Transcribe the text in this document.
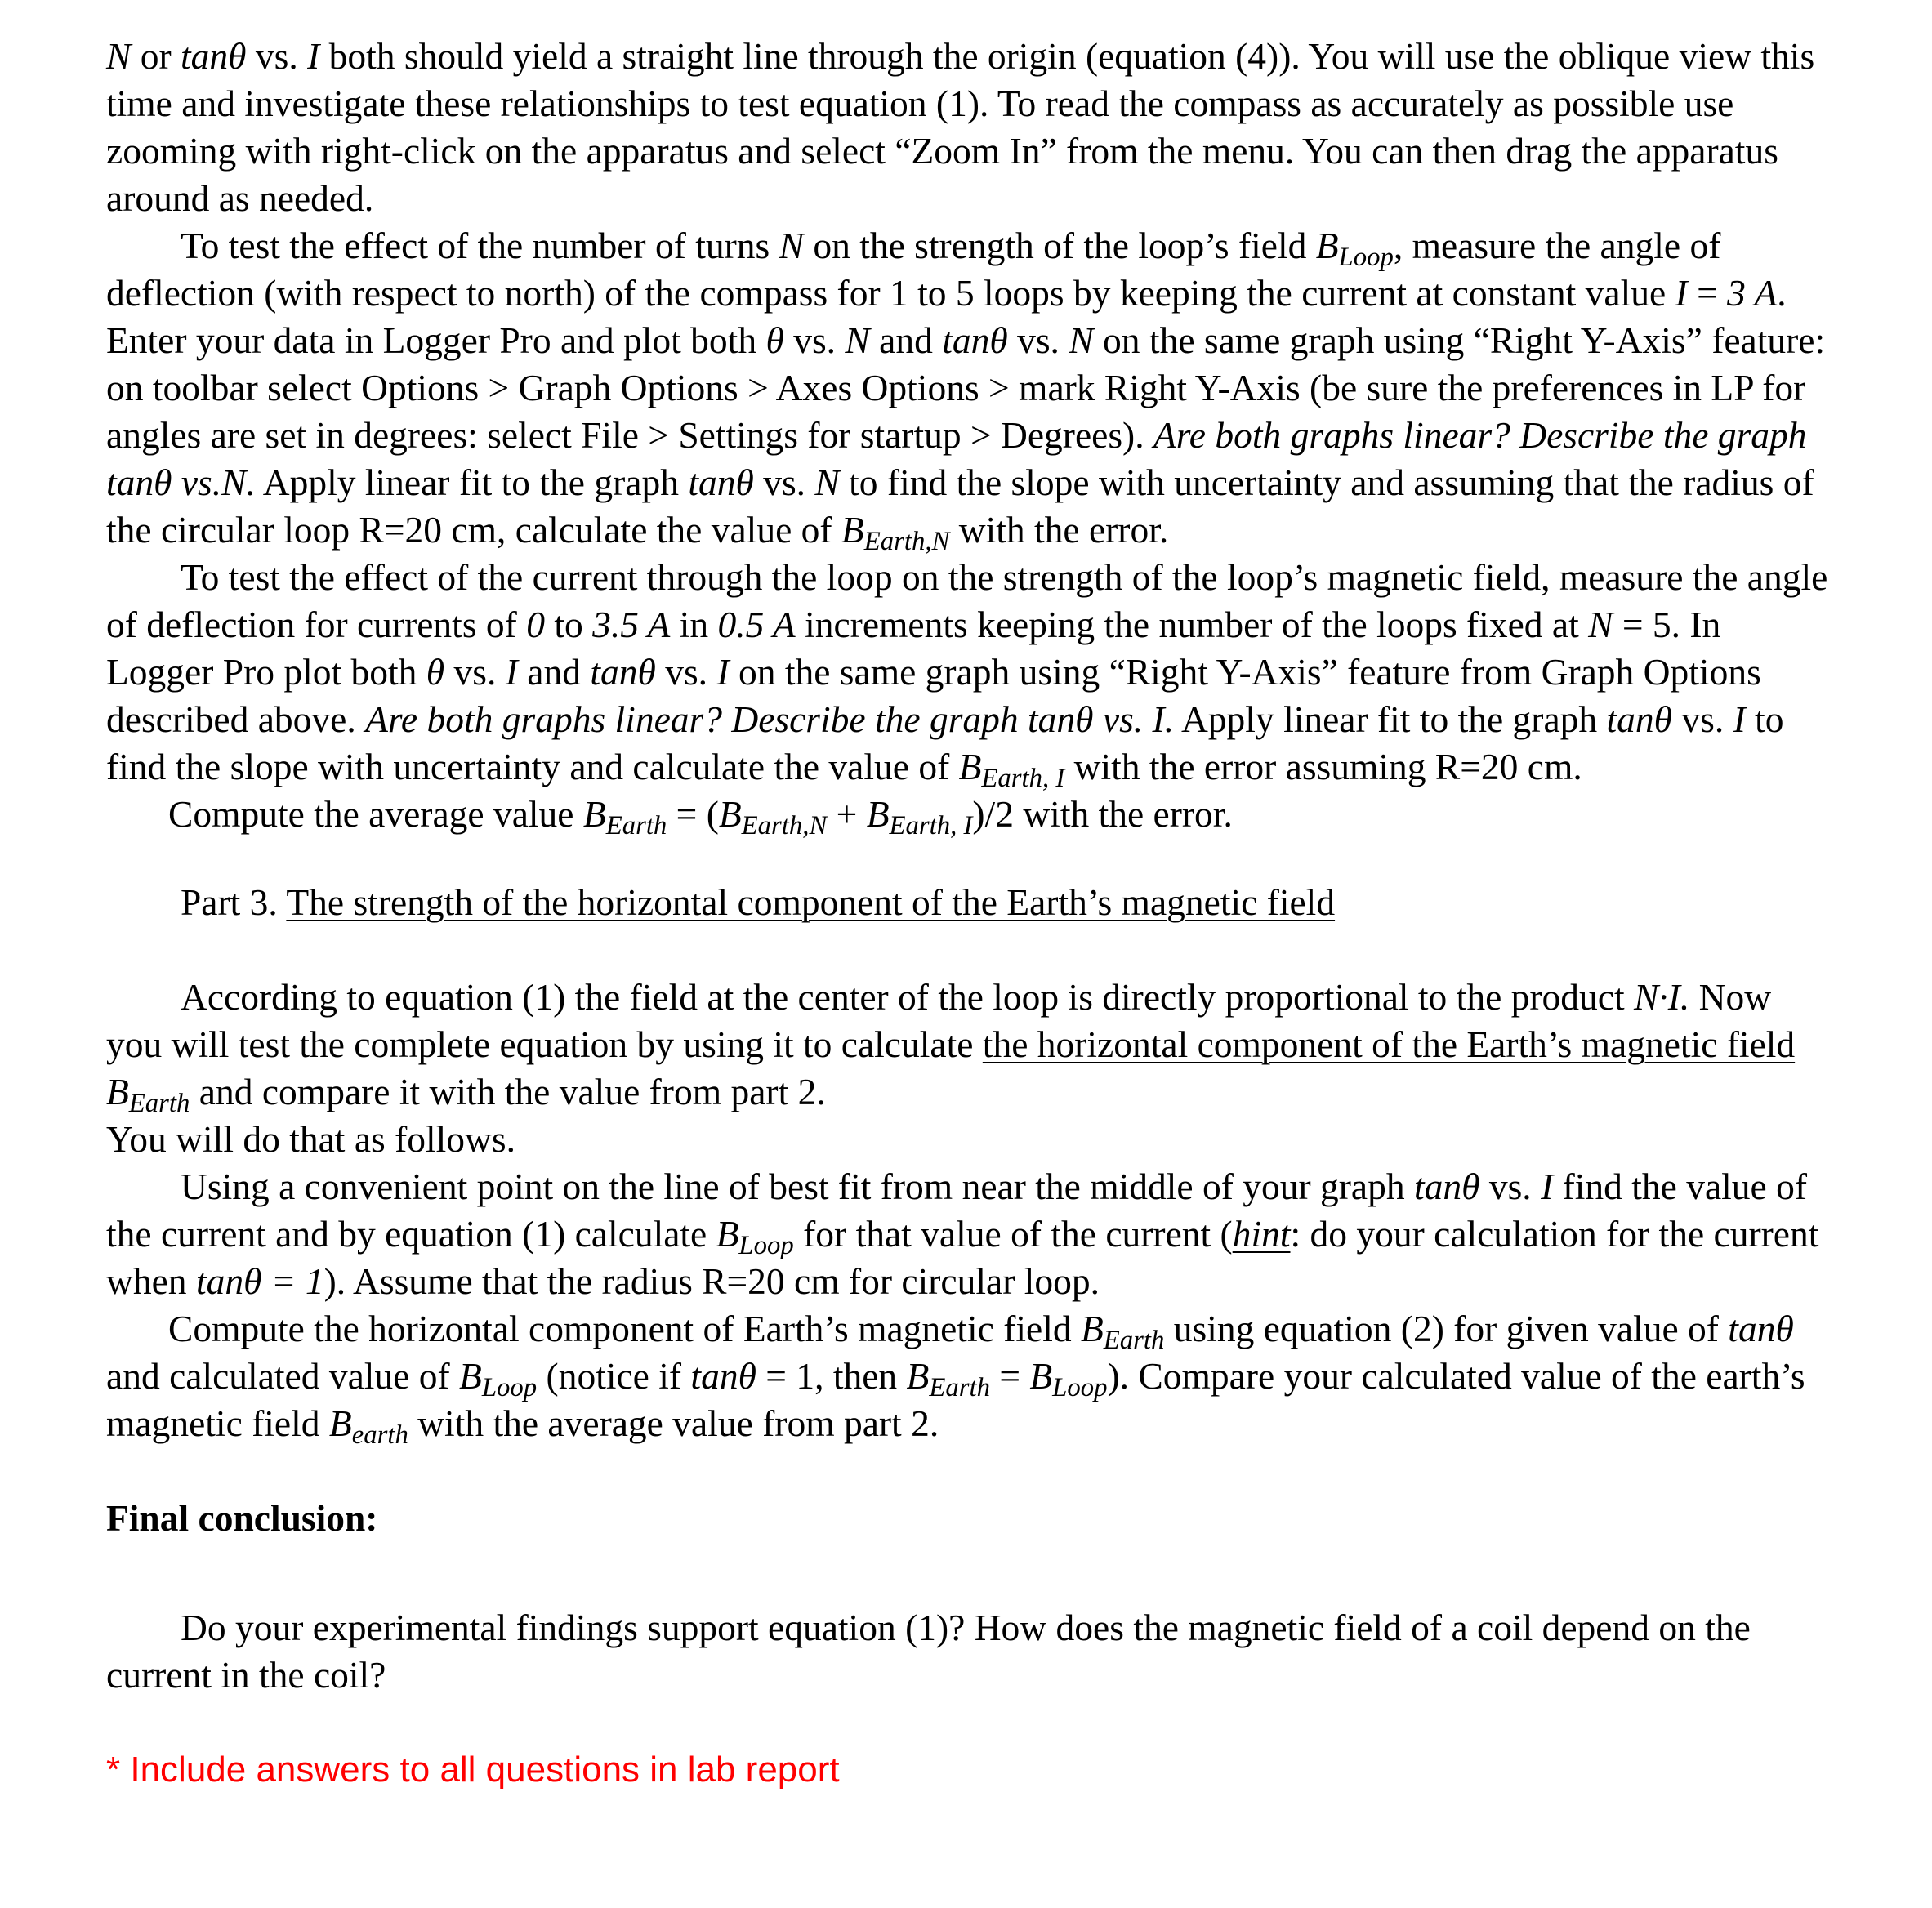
N or tanθ vs. I both should yield a straight line through the origin (equation (4)). You will use the oblique view this time and investigate these relationships to test equation (1). To read the compass as accurately as possible use zooming with right-click on the apparatus and select “Zoom In” from the menu. You can then drag the apparatus around as needed.

To test the effect of the number of turns N on the strength of the loop’s field $B_{Loop}$, measure the angle of deflection (with respect to north) of the compass for 1 to 5 loops by keeping the current at constant value I = 3 A. Enter your data in Logger Pro and plot both θ vs. N and tanθ vs. N on the same graph using “Right Y-Axis” feature: on toolbar select Options > Graph Options > Axes Options > mark Right Y-Axis (be sure the preferences in LP for angles are set in degrees: select File > Settings for startup > Degrees). Are both graphs linear? Describe the graph tanθ vs.N. Apply linear fit to the graph tanθ vs. N to find the slope with uncertainty and assuming that the radius of the circular loop R=20 cm, calculate the value of $B_{Earth,N}$ with the error.

To test the effect of the current through the loop on the strength of the loop’s magnetic field, measure the angle of deflection for currents of 0 to 3.5 A in 0.5 A increments keeping the number of the loops fixed at N = 5. In Logger Pro plot both θ vs. I and tanθ vs. I on the same graph using “Right Y-Axis” feature from Graph Options described above. Are both graphs linear? Describe the graph tanθ vs. I. Apply linear fit to the graph tanθ vs. I to find the slope with uncertainty and calculate the value of $B_{Earth, I}$ with the error assuming R=20 cm.

Compute the average value $B_{Earth} = (B_{Earth,N} + B_{Earth, I})/2$ with the error.

Part 3. The strength of the horizontal component of the Earth’s magnetic field

According to equation (1) the field at the center of the loop is directly proportional to the product N·I. Now you will test the complete equation by using it to calculate the horizontal component of the Earth’s magnetic field $B_{Earth}$ and compare it with the value from part 2.

You will do that as follows.

Using a convenient point on the line of best fit from near the middle of your graph tanθ vs. I find the value of the current and by equation (1) calculate $B_{Loop}$ for that value of the current (hint: do your calculation for the current when tanθ = 1). Assume that the radius R=20 cm for circular loop.

Compute the horizontal component of Earth’s magnetic field $B_{Earth}$ using equation (2) for given value of tanθ and calculated value of $B_{Loop}$ (notice if tanθ = 1, then $B_{Earth} = B_{Loop}$). Compare your calculated value of the earth’s magnetic field $B_{earth}$ with the average value from part 2.

Final conclusion:

Do your experimental findings support equation (1)? How does the magnetic field of a coil depend on the current in the coil?

* Include answers to all questions in lab report
